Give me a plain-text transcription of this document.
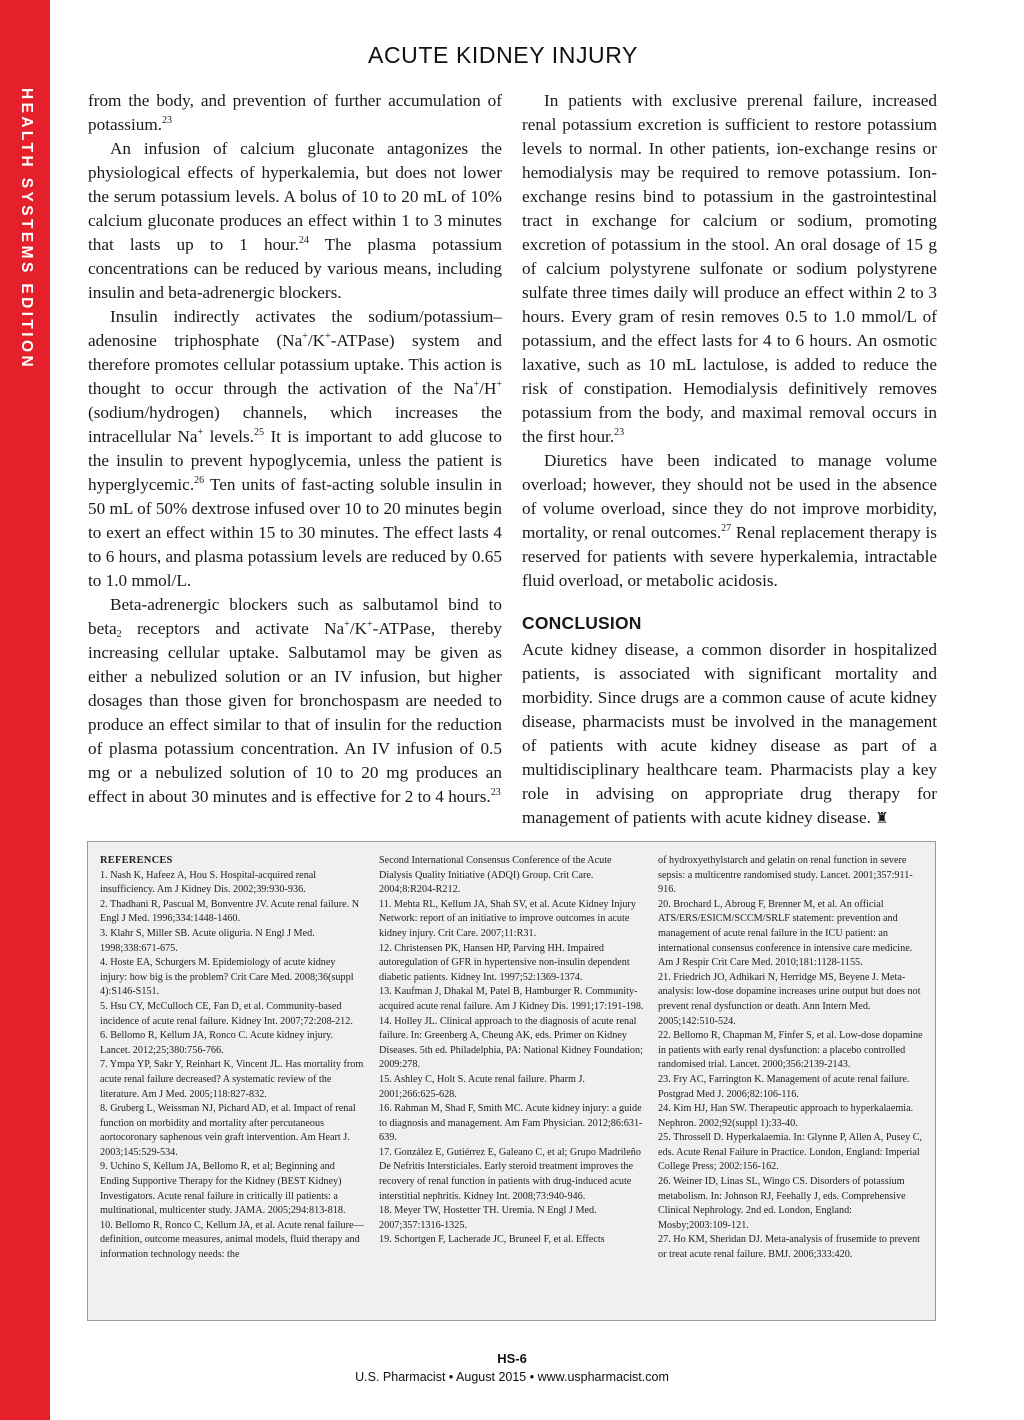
HEALTH SYSTEMS EDITION
ACUTE KIDNEY INJURY

from the body, and prevention of further accumulation of potassium.$^{23}$

An infusion of calcium gluconate antagonizes the physiological effects of hyperkalemia, but does not lower the serum potassium levels. A bolus of 10 to 20 mL of 10% calcium gluconate produces an effect within 1 to 3 minutes that lasts up to 1 hour.$^{24}$ The plasma potassium concentrations can be reduced by various means, including insulin and beta-adrenergic blockers.

Insulin indirectly activates the sodium/potassium–adenosine triphosphate (Na+/K+-ATPase) system and therefore promotes cellular potassium uptake. This action is thought to occur through the activation of the Na+/H+ (sodium/hydrogen) channels, which increases the intracellular Na+ levels.$^{25}$ It is important to add glucose to the insulin to prevent hypoglycemia, unless the patient is hyperglycemic.$^{26}$ Ten units of fast-acting soluble insulin in 50 mL of 50% dextrose infused over 10 to 20 minutes begin to exert an effect within 15 to 30 minutes. The effect lasts 4 to 6 hours, and plasma potassium levels are reduced by 0.65 to 1.0 mmol/L.

Beta-adrenergic blockers such as salbutamol bind to beta$_2$ receptors and activate Na+/K+-ATPase, thereby increasing cellular uptake. Salbutamol may be given as either a nebulized solution or an IV infusion, but higher dosages than those given for bronchospasm are needed to produce an effect similar to that of insulin for the reduction of plasma potassium concentration. An IV infusion of 0.5 mg or a nebulized solution of 10 to 20 mg produces an effect in about 30 minutes and is effective for 2 to 4 hours.$^{23}$

In patients with exclusive prerenal failure, increased renal potassium excretion is sufficient to restore potassium levels to normal. In other patients, ion-exchange resins or hemodialysis may be required to remove potassium. Ion-exchange resins bind to potassium in the gastrointestinal tract in exchange for calcium or sodium, promoting excretion of potassium in the stool. An oral dosage of 15 g of calcium polystyrene sulfonate or sodium polystyrene sulfate three times daily will produce an effect within 2 to 3 hours. Every gram of resin removes 0.5 to 1.0 mmol/L of potassium, and the effect lasts for 4 to 6 hours. An osmotic laxative, such as 10 mL lactulose, is added to reduce the risk of constipation. Hemodialysis definitively removes potassium from the body, and maximal removal occurs in the first hour.$^{23}$

Diuretics have been indicated to manage volume overload; however, they should not be used in the absence of volume overload, since they do not improve morbidity, mortality, or renal outcomes.$^{27}$ Renal replacement therapy is reserved for patients with severe hyperkalemia, intractable fluid overload, or metabolic acidosis.

CONCLUSION

Acute kidney disease, a common disorder in hospitalized patients, is associated with significant mortality and morbidity. Since drugs are a common cause of acute kidney disease, pharmacists must be involved in the management of patients with acute kidney disease as part of a multidisciplinary healthcare team. Pharmacists play a key role in advising on appropriate drug therapy for management of patients with acute kidney disease. ♜

REFERENCES

1. Nash K, Hafeez A, Hou S. Hospital-acquired renal insufficiency. Am J Kidney Dis. 2002;39:930-936.

2. Thadhani R, Pascual M, Bonventre JV. Acute renal failure. N Engl J Med. 1996;334:1448-1460.

3. Klahr S, Miller SB. Acute oliguria. N Engl J Med. 1998;338:671-675.

4. Hoste EA, Schurgers M. Epidemiology of acute kidney injury: how big is the problem? Crit Care Med. 2008;36(suppl 4):S146-S151.

5. Hsu CY, McCulloch CE, Fan D, et al. Community-based incidence of acute renal failure. Kidney Int. 2007;72:208-212.

6. Bellomo R, Kellum JA, Ronco C. Acute kidney injury. Lancet. 2012;25;380:756-766.

7. Ympa YP, Sakr Y, Reinhart K, Vincent JL. Has mortality from acute renal failure decreased? A systematic review of the literature. Am J Med. 2005;118:827-832.

8. Gruberg L, Weissman NJ, Pichard AD, et al. Impact of renal function on morbidity and mortality after percutaneous aortocoronary saphenous vein graft intervention. Am Heart J. 2003;145:529-534.

9. Uchino S, Kellum JA, Bellomo R, et al; Beginning and Ending Supportive Therapy for the Kidney (BEST Kidney) Investigators. Acute renal failure in critically ill patients: a multinational, multicenter study. JAMA. 2005;294:813-818.

10. Bellomo R, Ronco C, Kellum JA, et al. Acute renal failure—definition, outcome measures, animal models, fluid therapy and information technology needs: the

Second International Consensus Conference of the Acute Dialysis Quality Initiative (ADQI) Group. Crit Care. 2004;8:R204-R212.

11. Mehta RL, Kellum JA, Shah SV, et al. Acute Kidney Injury Network: report of an initiative to improve outcomes in acute kidney injury. Crit Care. 2007;11:R31.

12. Christensen PK, Hansen HP, Parving HH. Impaired autoregulation of GFR in hypertensive non-insulin dependent diabetic patients. Kidney Int. 1997;52:1369-1374.

13. Kaufman J, Dhakal M, Patel B, Hamburger R. Community-acquired acute renal failure. Am J Kidney Dis. 1991;17:191-198.

14. Holley JL. Clinical approach to the diagnosis of acute renal failure. In: Greenberg A, Cheung AK, eds. Primer on Kidney Diseases. 5th ed. Philadelphia, PA: National Kidney Foundation; 2009:278.

15. Ashley C, Holt S. Acute renal failure. Pharm J. 2001;266:625-628.

16. Rahman M, Shad F, Smith MC. Acute kidney injury: a guide to diagnosis and management. Am Fam Physician. 2012;86:631-639.

17. González E, Gutiérrez E, Galeano C, et al; Grupo Madrileño De Nefritis Intersticiales. Early steroid treatment improves the recovery of renal function in patients with drug-induced acute interstitial nephritis. Kidney Int. 2008;73:940-946.

18. Meyer TW, Hostetter TH. Uremia. N Engl J Med. 2007;357:1316-1325.

19. Schortgen F, Lacherade JC, Bruneel F, et al. Effects

of hydroxyethylstarch and gelatin on renal function in severe sepsis: a multicentre randomised study. Lancet. 2001;357:911-916.

20. Brochard L, Abroug F, Brenner M, et al. An official ATS/ERS/ESICM/SCCM/SRLF statement: prevention and management of acute renal failure in the ICU patient: an international consensus conference in intensive care medicine. Am J Respir Crit Care Med. 2010;181:1128-1155.

21. Friedrich JO, Adhikari N, Herridge MS, Beyene J. Meta-analysis: low-dose dopamine increases urine output but does not prevent renal dysfunction or death. Ann Intern Med. 2005;142:510-524.

22. Bellomo R, Chapman M, Finfer S, et al. Low-dose dopamine in patients with early renal dysfunction: a placebo controlled randomised trial. Lancet. 2000;356:2139-2143.

23. Fry AC, Farrington K. Management of acute renal failure. Postgrad Med J. 2006;82:106-116.

24. Kim HJ, Han SW. Therapeutic approach to hyperkalaemia. Nephron. 2002;92(suppl 1):33-40.

25. Throssell D. Hyperkalaemia. In: Glynne P, Allen A, Pusey C, eds. Acute Renal Failure in Practice. London, England: Imperial College Press; 2002:156-162.

26. Weiner ID, Linas SL, Wingo CS. Disorders of potassium metabolism. In: Johnson RJ, Feehally J, eds. Comprehensive Clinical Nephrology. 2nd ed. London, England: Mosby;2003:109-121.

27. Ho KM, Sheridan DJ. Meta-analysis of frusemide to prevent or treat acute renal failure. BMJ. 2006;333:420.

HS-6
U.S. Pharmacist • August 2015 • www.uspharmacist.com
